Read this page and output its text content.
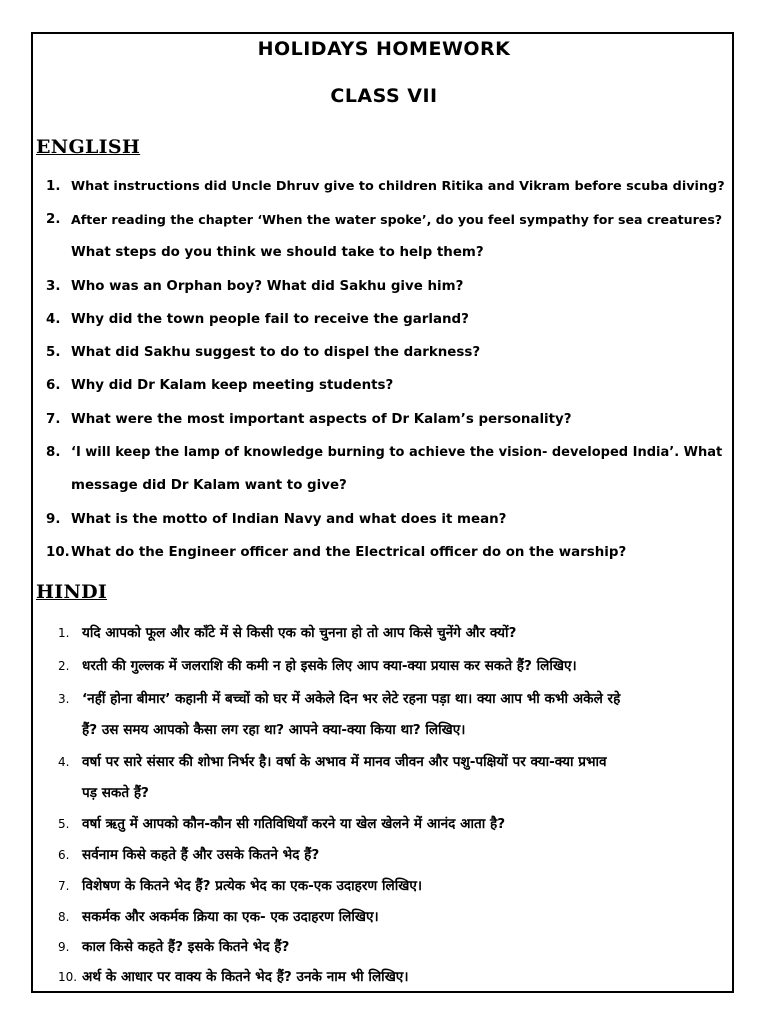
HOLIDAYS HOMEWORK
CLASS VII
ENGLISH
1. What instructions did Uncle Dhruv give to children Ritika and Vikram before scuba diving?
2. After reading the chapter ‘When the water spoke’, do you feel sympathy for sea creatures?
What steps do you think we should take to help them?
3. Who was an Orphan boy? What did Sakhu give him?
4. Why did the town people fail to receive the garland?
5. What did Sakhu suggest to do to dispel the darkness?
6. Why did Dr Kalam keep meeting students?
7. What were the most important aspects of Dr Kalam’s personality?
8. ‘I will keep the lamp of knowledge burning to achieve the vision- developed India’. What
message did Dr Kalam want to give?
9. What is the motto of Indian Navy and what does it mean?
10. What do the Engineer officer and the Electrical officer do on the warship?
HINDI
1. यदि आपको फूल और काँटे में से किसी एक को चुनना हो तो आप किसे चुनेंगे और क्यों?
2. धरती की गुल्लक में जलराशि की कमी न हो इसके लिए आप क्या-क्या प्रयास कर सकते हैं? लिखिए।
3. ‘नहीं होना बीमार’ कहानी में बच्चों को घर में अकेले दिन भर लेटे रहना पड़ा था। क्या आप भी कभी अकेले रहे
हैं? उस समय आपको कैसा लग रहा था? आपने क्या-क्या किया था? लिखिए।
4. वर्षा पर सारे संसार की शोभा निर्भर है। वर्षा के अभाव में मानव जीवन और पशु-पक्षियों पर क्या-क्या प्रभाव
पड़ सकते हैं?
5. वर्षा ऋतु में आपको कौन-कौन सी गतिविधियाँ करने या खेल खेलने में आनंद आता है?
6. सर्वनाम किसे कहते हैं और उसके कितने भेद हैं?
7. विशेषण के कितने भेद हैं? प्रत्येक भेद का एक-एक उदाहरण लिखिए।
8. सकर्मक और अकर्मक क्रिया का एक- एक उदाहरण लिखिए।
9. काल किसे कहते हैं? इसके कितने भेद हैं?
10. अर्थ के आधार पर वाक्य के कितने भेद हैं? उनके नाम भी लिखिए।
